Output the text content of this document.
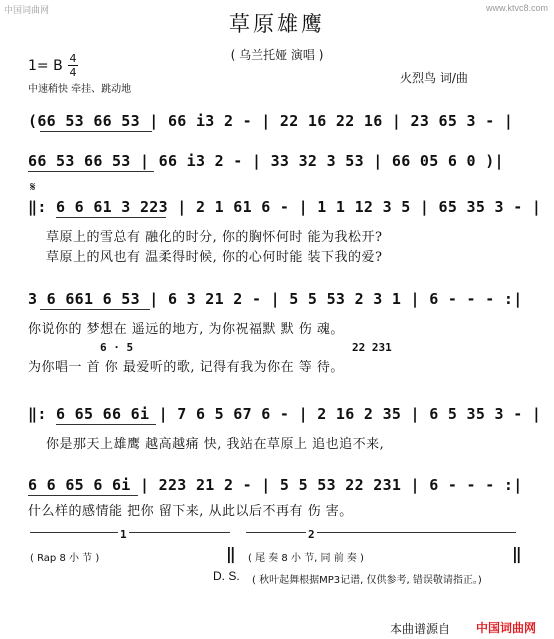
中国词曲网	www.ktvc8.com
草原雄鹰
( 乌兰托娅 演唱 )
1= B 4
4
中速稍快 牵挂、跳动地
火烈鸟 词/曲
(66 53 66 53 | 66 i3 2 - | 22 16 22 16 | 23 65 3 - |
66 53 66 53 | 66 i3 2 - | 33 32 3 53 | 66 05 6 0 )|
𝄋
‖: 6 6 61 3 223 | 2 1 61 6 - | 1 1 12 3 5 | 65 35 3 - |
草原上的雪总有 融化的时分, 你的胸怀何时 能为我松开?
草原上的风也有 温柔得时候, 你的心何时能 装下我的爱?
3 6 661 6 53 | 6 3 21 2 - | 5 5 53 2 3 1 | 6 - - - :|
你说你的 梦想在 遥远的地方, 为你祝福默 默 伤 魂。
6 · 5	22 231
为你唱一 首 你 最爱听的歌, 记得有我为你在 等 待。
‖: 6 65 66 6i | 7 6 5 67 6 - | 2 16 2 35 | 6 5 35 3 - |
你是那天上雄鹰 越高越痛 快, 我站在草原上 追也追不来,
6 6 65 6 6i | 223 21 2 - | 5 5 53 22 231 | 6 - - - :|
什么样的感情能 把你 留下来, 从此以后不再有 伤 害。
1	2
( Rap 8 小 节 )	‖ ( 尾 奏 8 小 节, 同 前 奏 )	‖
D. S. ( 秋叶起舞根据MP3记谱, 仅供参考, 错误敬请指正。)
本曲谱源自 中国词曲网
